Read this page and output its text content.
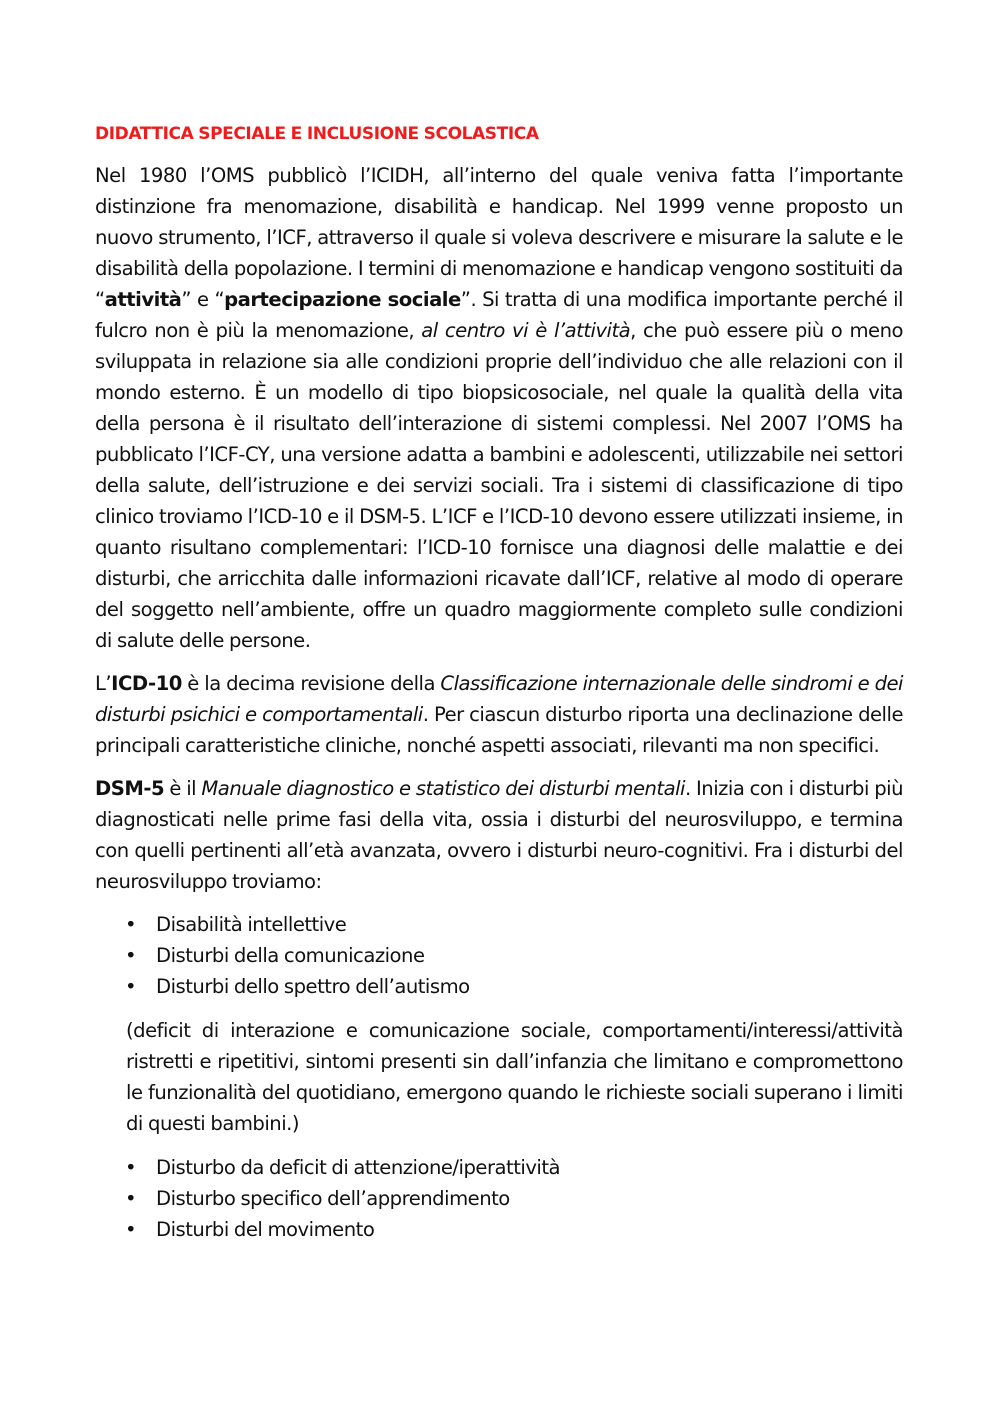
DIDATTICA SPECIALE E INCLUSIONE SCOLASTICA

Nel 1980 l’OMS pubblicò l’ICIDH, all’interno del quale veniva fatta l’importante distinzione fra menomazione, disabilità e handicap. Nel 1999 venne proposto un nuovo strumento, l’ICF, attraverso il quale si voleva descrivere e misurare la salute e le disabilità della popolazione. I termini di menomazione e handicap vengono sostituiti da “attività” e “partecipazione sociale”. Si tratta di una modifica importante perché il fulcro non è più la menomazione, al centro vi è l’attività, che può essere più o meno sviluppata in relazione sia alle condizioni proprie dell’individuo che alle relazioni con il mondo esterno. È un modello di tipo biopsicosociale, nel quale la qualità della vita della persona è il risultato dell’interazione di sistemi complessi. Nel 2007 l’OMS ha pubblicato l’ICF-CY, una versione adatta a bambini e adolescenti, utilizzabile nei settori della salute, dell’istruzione e dei servizi sociali. Tra i sistemi di classificazione di tipo clinico troviamo l’ICD-10 e il DSM-5. L’ICF e l’ICD-10 devono essere utilizzati insieme, in quanto risultano complementari: l’ICD-10 fornisce una diagnosi delle malattie e dei disturbi, che arricchita dalle informazioni ricavate dall’ICF, relative al modo di operare del soggetto nell’ambiente, offre un quadro maggiormente completo sulle condizioni di salute delle persone.

L’ICD-10 è la decima revisione della Classificazione internazionale delle sindromi e dei disturbi psichici e comportamentali. Per ciascun disturbo riporta una declinazione delle principali caratteristiche cliniche, nonché aspetti associati, rilevanti ma non specifici.

DSM-5 è il Manuale diagnostico e statistico dei disturbi mentali. Inizia con i disturbi più diagnosticati nelle prime fasi della vita, ossia i disturbi del neurosviluppo, e termina con quelli pertinenti all’età avanzata, ovvero i disturbi neuro-cognitivi. Fra i disturbi del neurosviluppo troviamo:

• Disabilità intellettive
• Disturbi della comunicazione
• Disturbi dello spettro dell’autismo

(deficit di interazione e comunicazione sociale, comportamenti/interessi/attività ristretti e ripetitivi, sintomi presenti sin dall’infanzia che limitano e compromettono le funzionalità del quotidiano, emergono quando le richieste sociali superano i limiti di questi bambini.)

• Disturbo da deficit di attenzione/iperattività
• Disturbo specifico dell’apprendimento
• Disturbi del movimento
